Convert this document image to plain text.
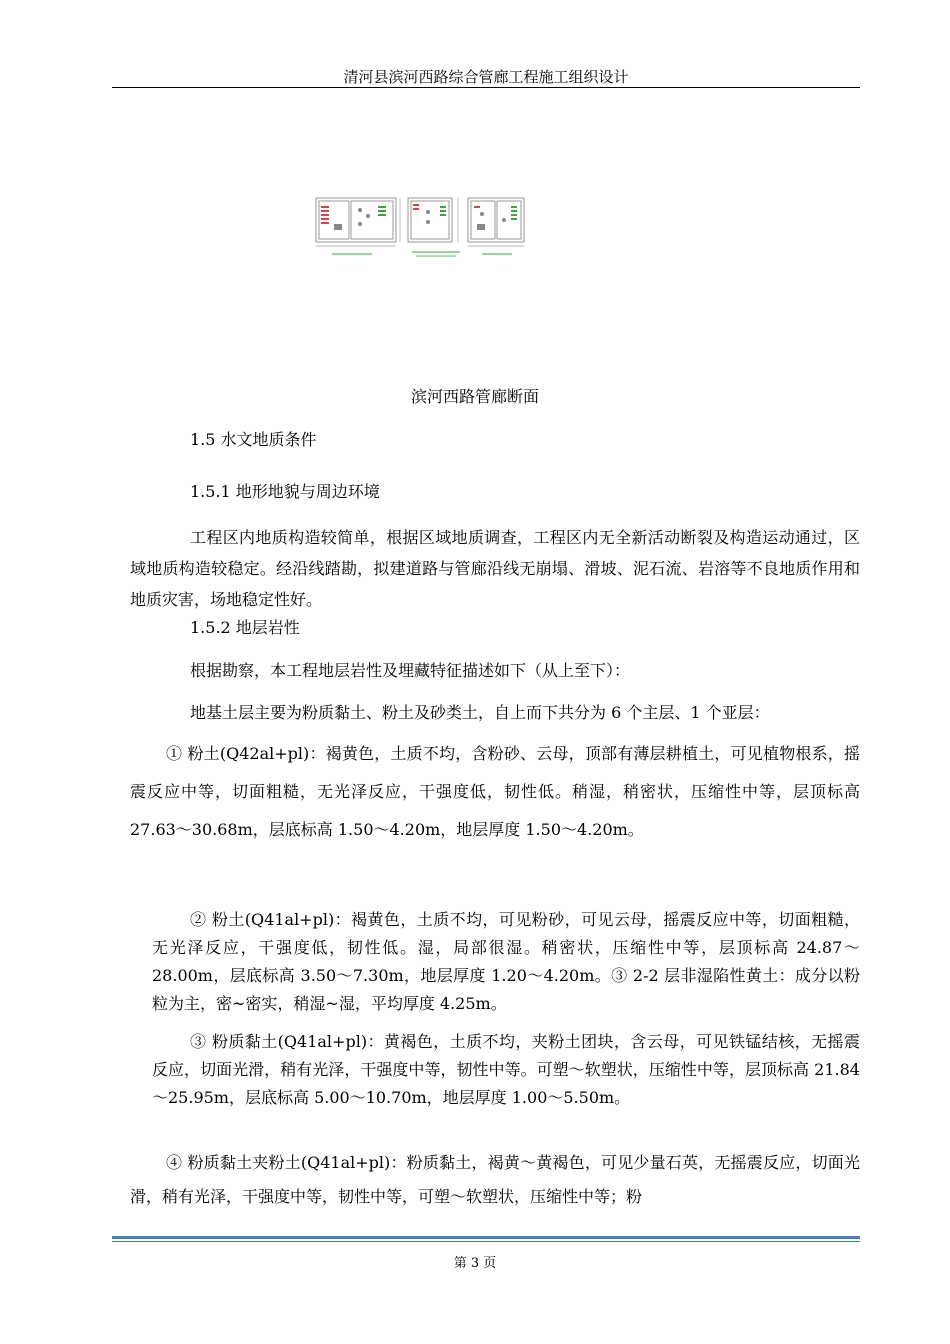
清河县滨河西路综合管廊工程施工组织设计
滨河西路管廊断面

1.5 水文地质条件

1.5.1 地形地貌与周边环境

工程区内地质构造较简单，根据区域地质调查，工程区内无全新活动断裂及构造运动通过，区域地质构造较稳定。经沿线踏勘，拟建道路与管廊沿线无崩塌、滑坡、泥石流、岩溶等不良地质作用和地质灾害，场地稳定性好。

1.5.2 地层岩性

根据勘察，本工程地层岩性及埋藏特征描述如下（从上至下）：

地基土层主要为粉质黏土、粉土及砂类土，自上而下共分为 6 个主层、1 个亚层：

① 粉土(Q42al+pl)：褐黄色，土质不均，含粉砂、云母，顶部有薄层耕植土，可见植物根系，摇震反应中等，切面粗糙，无光泽反应，干强度低，韧性低。稍湿，稍密状，压缩性中等，层顶标高 27.63～30.68m，层底标高 1.50～4.20m，地层厚度 1.50～4.20m。

② 粉土(Q41al+pl)：褐黄色，土质不均，可见粉砂，可见云母，摇震反应中等，切面粗糙，无光泽反应，干强度低，韧性低。湿，局部很湿。稍密状，压缩性中等，层顶标高 24.87～28.00m，层底标高 3.50～7.30m，地层厚度 1.20～4.20m。③ 2-2 层非湿陷性黄土：成分以粉粒为主，密~密实，稍湿~湿，平均厚度 4.25m。

③ 粉质黏土(Q41al+pl)：黄褐色，土质不均，夹粉土团块，含云母，可见铁锰结核，无摇震反应，切面光滑，稍有光泽，干强度中等，韧性中等。可塑～软塑状，压缩性中等，层顶标高 21.84～25.95m，层底标高 5.00～10.70m，地层厚度 1.00～5.50m。

④ 粉质黏土夹粉土(Q41al+pl)：粉质黏土，褐黄～黄褐色，可见少量石英，无摇震反应，切面光滑，稍有光泽，干强度中等，韧性中等，可塑～软塑状，压缩性中等；粉

第 3 页
